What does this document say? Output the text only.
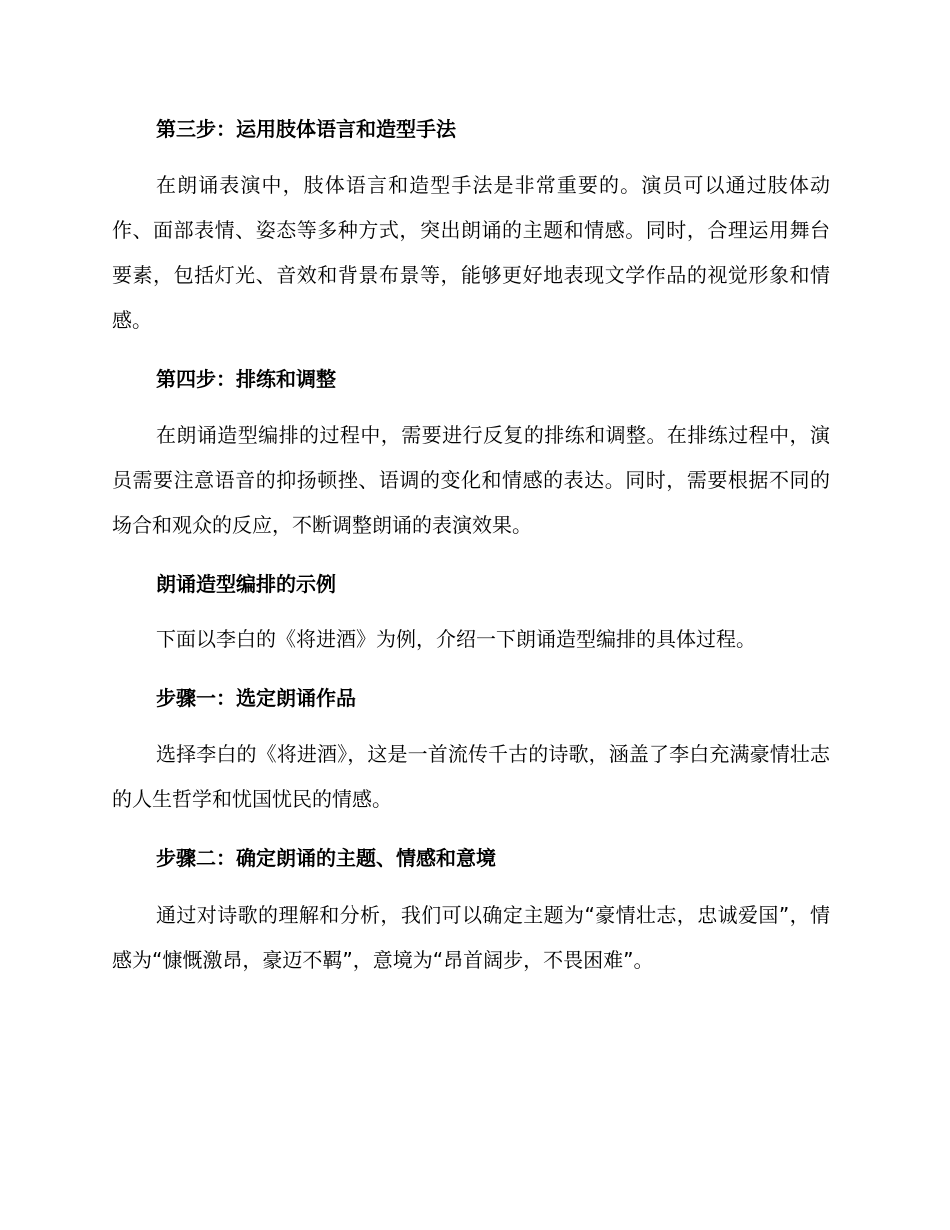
第三步：运用肢体语言和造型手法

在朗诵表演中，肢体语言和造型手法是非常重要的。演员可以通过肢体动作、面部表情、姿态等多种方式，突出朗诵的主题和情感。同时，合理运用舞台要素，包括灯光、音效和背景布景等，能够更好地表现文学作品的视觉形象和情感。

第四步：排练和调整

在朗诵造型编排的过程中，需要进行反复的排练和调整。在排练过程中，演员需要注意语音的抑扬顿挫、语调的变化和情感的表达。同时，需要根据不同的场合和观众的反应，不断调整朗诵的表演效果。

朗诵造型编排的示例

下面以李白的《将进酒》为例，介绍一下朗诵造型编排的具体过程。

步骤一：选定朗诵作品

选择李白的《将进酒》，这是一首流传千古的诗歌，涵盖了李白充满豪情壮志的人生哲学和忧国忧民的情感。

步骤二：确定朗诵的主题、情感和意境

通过对诗歌的理解和分析，我们可以确定主题为“豪情壮志，忠诚爱国”，情感为“慷慨激昂，豪迈不羁”，意境为“昂首阔步，不畏困难”。
